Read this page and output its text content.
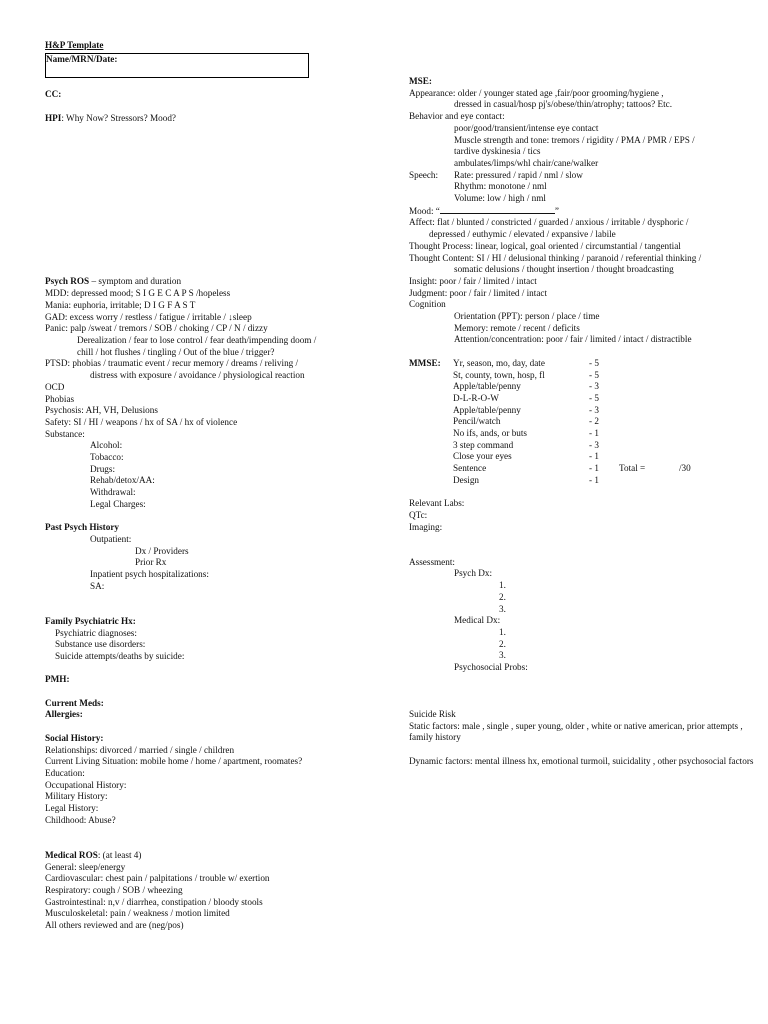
H&P Template
Name/MRN/Date:
CC:
HPI: Why Now? Stressors? Mood?
Psych ROS – symptom and duration
MDD: depressed mood; S I G E C A P S /hopeless
Mania: euphoria, irritable; D I G F A S T
GAD: excess worry / restless / fatigue / irritable / ↓sleep
Panic: palp /sweat / tremors / SOB / choking / CP / N / dizzy
Derealization / fear to lose control / fear death/impending doom /
chill / hot flushes / tingling / Out of the blue / trigger?
PTSD: phobias / traumatic event / recur memory / dreams / reliving /
distress with exposure / avoidance / physiological reaction
OCD
Phobias
Psychosis: AH, VH, Delusions
Safety: SI / HI / weapons / hx of SA / hx of violence
Substance:
Alcohol:
Tobacco:
Drugs:
Rehab/detox/AA:
Withdrawal:
Legal Charges:
Past Psych History
Outpatient:
Dx / Providers
Prior Rx
Inpatient psych hospitalizations:
SA:
Family Psychiatric Hx:
Psychiatric diagnoses:
Substance use disorders:
Suicide attempts/deaths by suicide:
PMH:
Current Meds:
Allergies:
Social History:
Relationships: divorced / married / single / children
Current Living Situation: mobile home / home / apartment, roomates?
Education:
Occupational History:
Military History:
Legal History:
Childhood: Abuse?
Medical ROS: (at least 4)
General: sleep/energy
Cardiovascular: chest pain / palpitations / trouble w/ exertion
Respiratory: cough / SOB / wheezing
Gastrointestinal: n,v / diarrhea, constipation / bloody stools
Musculoskeletal: pain / weakness / motion limited
All others reviewed and are (neg/pos)
MSE:
Appearance: older / younger stated age ,fair/poor grooming/hygiene ,
dressed in casual/hosp pj's/obese/thin/atrophy; tattoos? Etc.
Behavior and eye contact:
poor/good/transient/intense eye contact
Muscle strength and tone: tremors / rigidity / PMA / PMR / EPS /
tardive dyskinesia / tics
ambulates/limps/whl chair/cane/walker
Speech: Rate: pressured / rapid / nml / slow
Rhythm: monotone / nml
Volume: low / high / nml
Mood: “	”
Affect: flat / blunted / constricted / guarded / anxious / irritable / dysphoric /
depressed / euthymic / elevated / expansive / labile
Thought Process: linear, logical, goal oriented / circumstantial / tangential
Thought Content: SI / HI / delusional thinking / paranoid / referential thinking /
somatic delusions / thought insertion / thought broadcasting
Insight: poor / fair / limited / intact
Judgment: poor / fair / limited / intact
Cognition
Orientation (PPT): person / place / time
Memory: remote / recent / deficits
Attention/concentration: poor / fair / limited / intact / distractible
MMSE:	Yr, season, mo, day, date	- 5
St, county, town, hosp, fl	- 5
Apple/table/penny	- 3
D-L-R-O-W	- 5
Apple/table/penny	- 3
Pencil/watch	- 2
No ifs, ands, or buts	- 1
3 step command	- 3
Close your eyes	- 1
Sentence	- 1	Total =	/30
Design	- 1
Relevant Labs:
QTc:
Imaging:
Assessment:
Psych Dx:
1.
2.
3.
Medical Dx:
1.
2.
3.
Psychosocial Probs:
Suicide Risk
Static factors: male , single , super young, older , white or native american, prior attempts , family history
Dynamic factors: mental illness hx, emotional turmoil, suicidality , other psychosocial factors
